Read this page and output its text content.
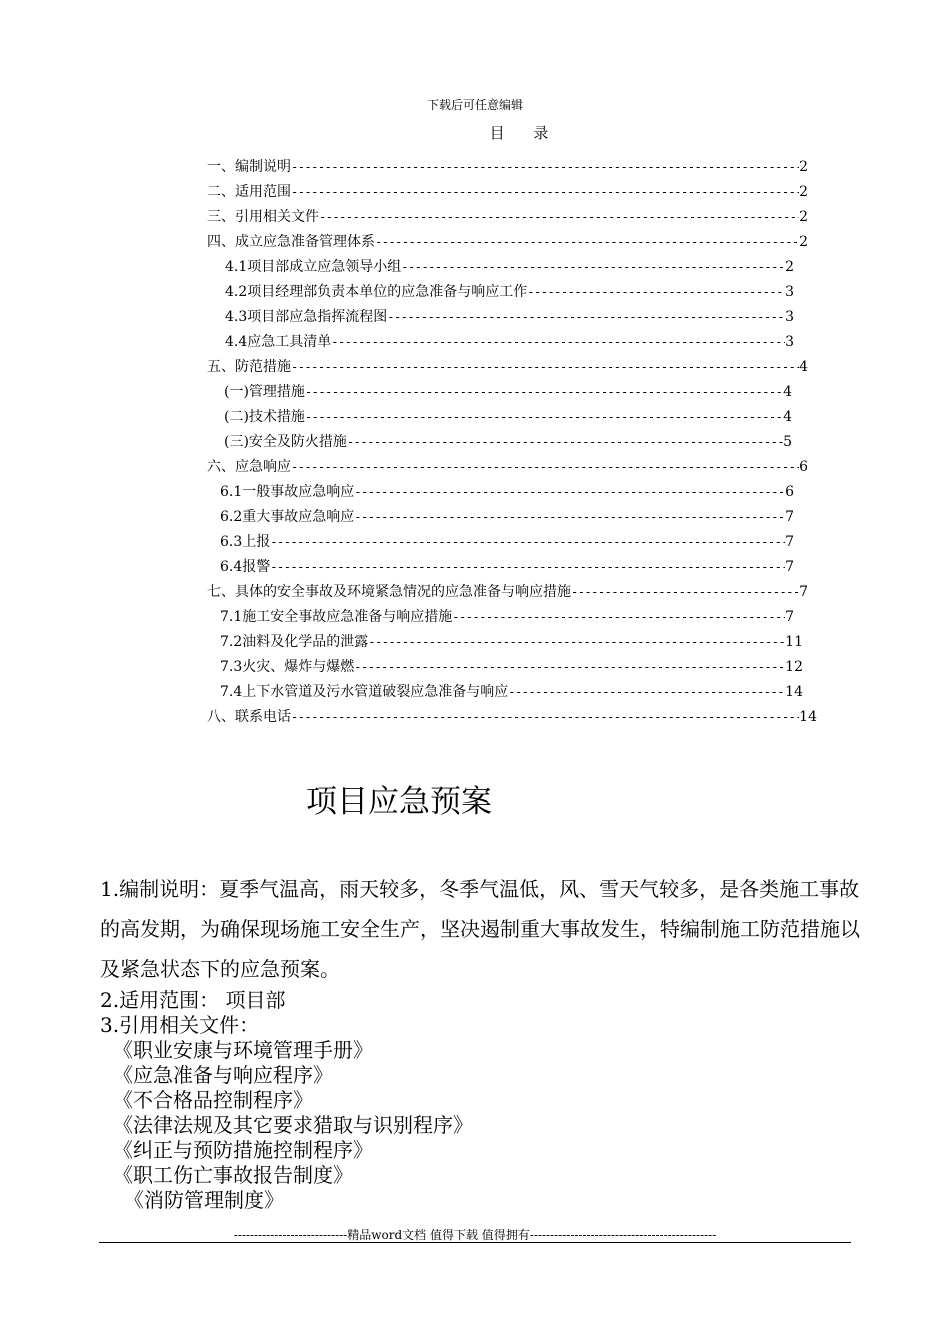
下载后可任意编辑
目 录
一、编制说明 -----	2
二、适用范围 -----	2
三、引用相关文件 -----	2
四、成立应急准备管理体系 -----	2
4.1项目部成立应急领导小组 -----	2
4.2项目经理部负责本单位的应急准备与响应工作 -----	3
4.3项目部应急指挥流程图 -----	3
4.4应急工具清单 -----	3
五、防范措施 -----	4
(一)管理措施 -----	4
(二)技术措施 -----	4
(三)安全及防火措施 -----	5
六、应急响应 -----	6
6.1一般事故应急响应 -----	6
6.2重大事故应急响应 -----	7
6.3上报 -----	7
6.4报警 -----	7
七、具体的安全事故及环境紧急情况的应急准备与响应措施 -----	7
7.1施工安全事故应急准备与响应措施 -----	7
7.2油料及化学品的泄露 -----	11
7.3火灾、爆炸与爆燃 -----	12
7.4上下水管道及污水管道破裂应急准备与响应 -----	14
八、联系电话 -----	14
项目应急预案
1.编制说明：夏季气温高，雨天较多，冬季气温低，风、雪天气较多，是各类施工事故的高发期，为确保现场施工安全生产，坚决遏制重大事故发生，特编制施工防范措施以及紧急状态下的应急预案。
2.适用范围： 项目部
3.引用相关文件：
《职业安康与环境管理手册》
《应急准备与响应程序》
《不合格品控制程序》
《法律法规及其它要求猎取与识别程序》
《纠正与预防措施控制程序》
《职工伤亡事故报告制度》
《消防管理制度》
----------------------------精品word文档 值得下载 值得拥有----------------------------------------------
